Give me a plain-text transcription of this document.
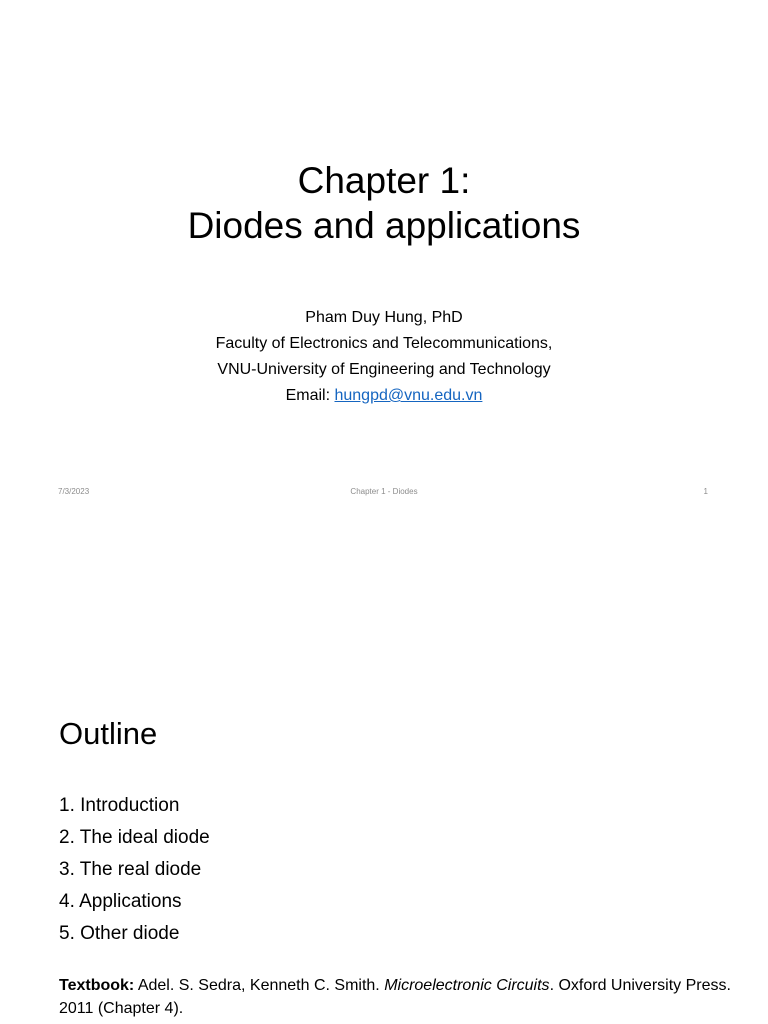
Chapter 1:
Diodes and applications
Pham Duy Hung, PhD
Faculty of Electronics and Telecommunications,
VNU-University of Engineering and Technology
Email: hungpd@vnu.edu.vn
7/3/2023	Chapter 1 - Diodes	1
Outline
1. Introduction
2. The ideal diode
3. The real diode
4. Applications
5. Other diode
Textbook: Adel. S. Sedra, Kenneth C. Smith. Microelectronic Circuits. Oxford University Press. 2011 (Chapter 4).
